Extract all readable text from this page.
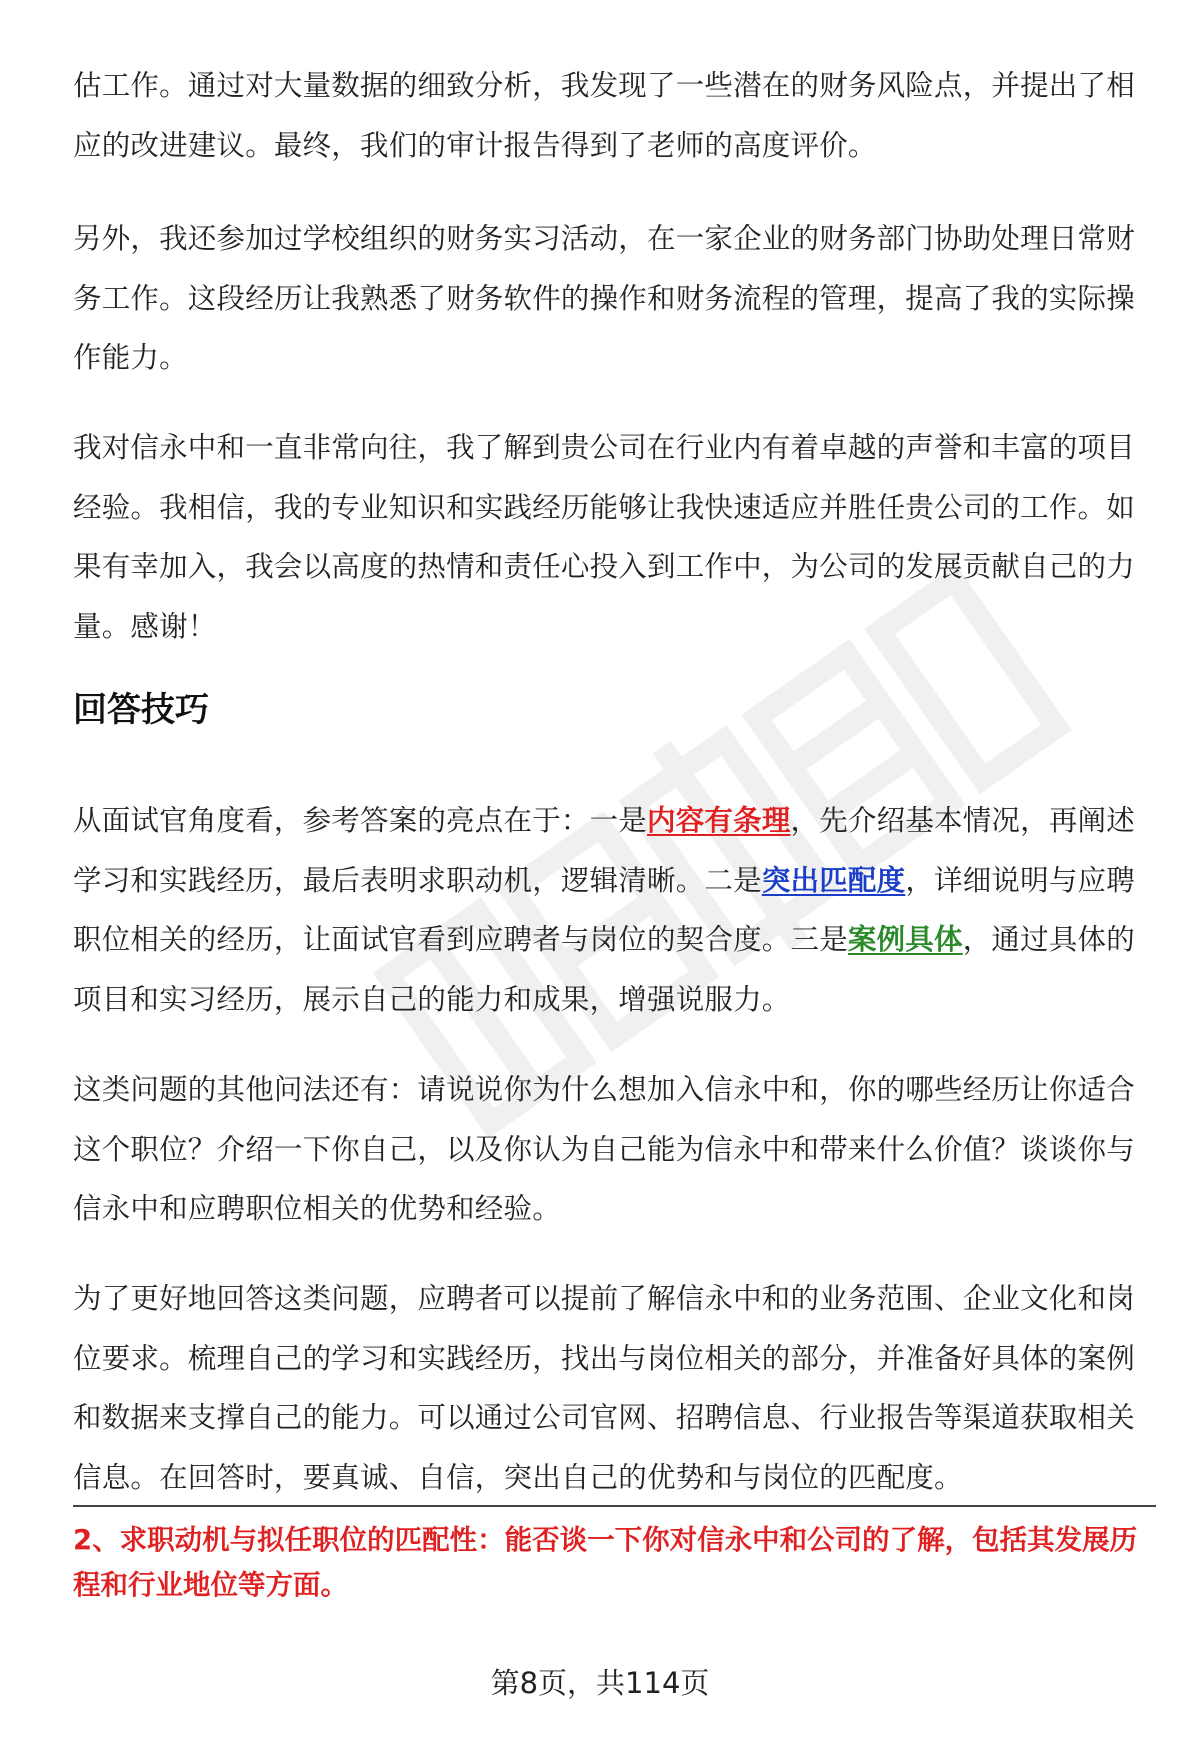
估工作。通过对大量数据的细致分析，我发现了一些潜在的财务风险点，并提出了相应的改进建议。最终，我们的审计报告得到了老师的高度评价。

另外，我还参加过学校组织的财务实习活动，在一家企业的财务部门协助处理日常财务工作。这段经历让我熟悉了财务软件的操作和财务流程的管理，提高了我的实际操作能力。

我对信永中和一直非常向往，我了解到贵公司在行业内有着卓越的声誉和丰富的项目经验。我相信，我的专业知识和实践经历能够让我快速适应并胜任贵公司的工作。如果有幸加入，我会以高度的热情和责任心投入到工作中，为公司的发展贡献自己的力量。感谢！

回答技巧

从面试官角度看，参考答案的亮点在于：一是内容有条理，先介绍基本情况，再阐述学习和实践经历，最后表明求职动机，逻辑清晰。二是突出匹配度，详细说明与应聘职位相关的经历，让面试官看到应聘者与岗位的契合度。三是案例具体，通过具体的项目和实习经历，展示自己的能力和成果，增强说服力。

这类问题的其他问法还有：请说说你为什么想加入信永中和，你的哪些经历让你适合这个职位？介绍一下你自己，以及你认为自己能为信永中和带来什么价值？谈谈你与信永中和应聘职位相关的优势和经验。

为了更好地回答这类问题，应聘者可以提前了解信永中和的业务范围、企业文化和岗位要求。梳理自己的学习和实践经历，找出与岗位相关的部分，并准备好具体的案例和数据来支撑自己的能力。可以通过公司官网、招聘信息、行业报告等渠道获取相关信息。在回答时，要真诚、自信，突出自己的优势和与岗位的匹配度。

2、求职动机与拟任职位的匹配性：能否谈一下你对信永中和公司的了解，包括其发展历程和行业地位等方面。

第8页，共114页
